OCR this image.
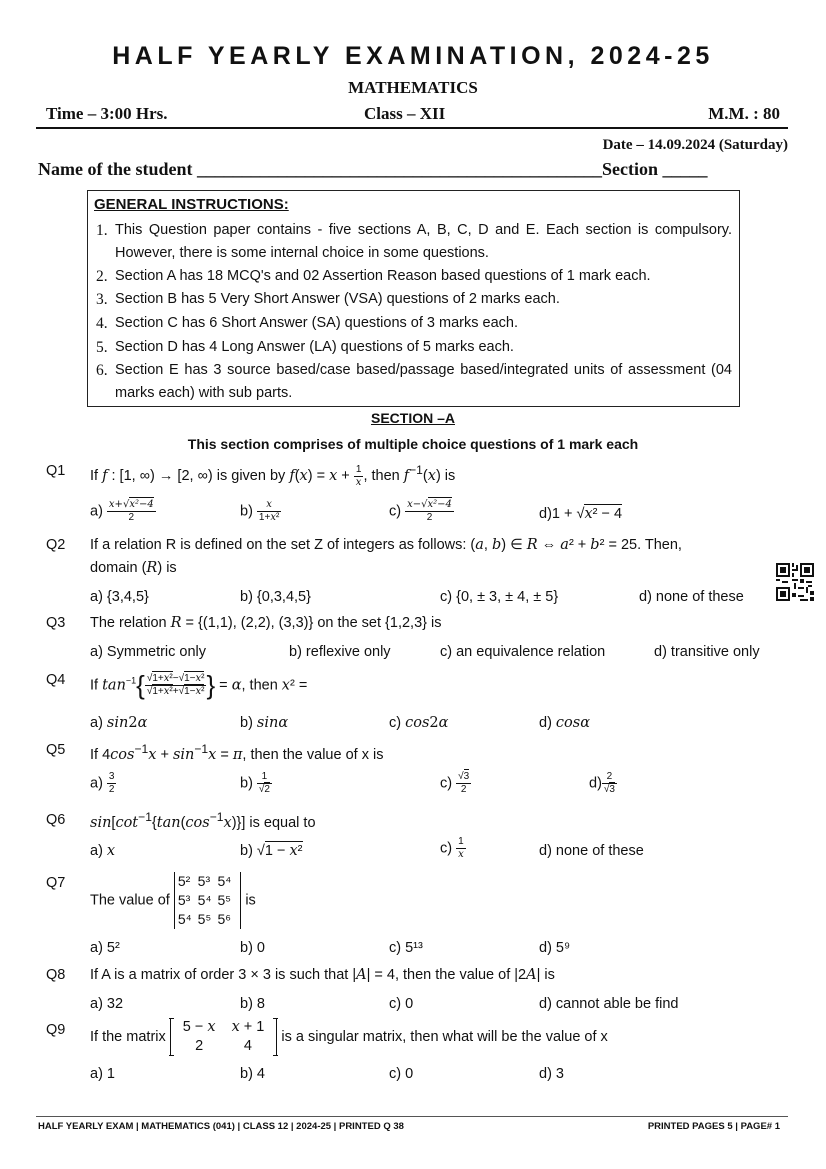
HALF YEARLY EXAMINATION, 2024-25
MATHEMATICS
Time – 3:00 Hrs.	Class – XII	M.M. : 80
Date – 14.09.2024 (Saturday)
Name of the student _____________________________________________Section _____
GENERAL INSTRUCTIONS:
1. This Question paper contains - five sections A, B, C, D and E. Each section is compulsory. However, there is some internal choice in some questions.
2. Section A has 18 MCQ's and 02 Assertion Reason based questions of 1 mark each.
3. Section B has 5 Very Short Answer (VSA) questions of 2 marks each.
4. Section C has 6 Short Answer (SA) questions of 3 marks each.
5. Section D has 4 Long Answer (LA) questions of 5 marks each.
6. Section E has 3 source based/case based/passage based/integrated units of assessment (04 marks each) with sub parts.
SECTION –A
This section comprises of multiple choice questions of 1 mark each
Q1 If f : [1, ∞) → [2, ∞) is given by $f(x) = x + \frac{1}{x}$ , then $f^{-1}(x)$ is
$a) \frac{\text{x+√x²−4}}{2}$	$b) \frac{x}{\text{1+x²}}$	$c) \frac{\text{x−√x²−4}}{2}$	d)1 + √x² − 4
Q2 If a relation R is defined on the set Z of integers as follows: (a, b) ∈ R ⇔ a² + b² = 25. Then,
domain (R) is
a) {3,4,5}	b) {0,3,4,5}	c) {0, ± 3, ± 4, ± 5}	d) none of these
Q3 The relation R = {(1,1), (2,2), (3,3)} on the set {1,2,3} is
a) Symmetric only	b) reflexive only	c) an equivalence relation	d) transitive only
Q4 If $\tan^{-1}\{ \frac{\text{√1+x²−√1−x²}}{\text{√1+x²+√1−x²}}$ } = α, then x² =
a) sin2α	b) sinα	c) cos2α	d) cosα
Q5 If $4\cos^{-1}x + \sin^{-1}x = \pi$, then the value of x is
$a) \frac{3}{2}$	$b) \frac{1}{√2}$	$c) \frac{√3}{2}$	$d) \frac{2}{√3}$
Q6 $\sin[\cot^{-1}\{\tan(\cos^{-1}x)\}]$ is equal to
a) x	b) √1 − x²	$c) \frac{1}{x}$	d) none of these
Q7
The value of
5²	5³	5⁴
5³	5⁴	5⁵
5⁴	5⁵	5⁶
is
a) 5²	b) 0	c) 5¹³	d) 5⁹
Q8 If A is a matrix of order 3 × 3 is such that |A| = 4, then the value of |2A| is
a) 32	b) 8	c) 0	d) cannot able be find
Q9 If the matrix
5 − x	x + 1
2	4
is a singular matrix, then what will be the value of x
a) 1	b) 4	c) 0	d) 3
HALF YEARLY EXAM | MATHEMATICS (041) | CLASS 12 | 2024-25 | PRINTED Q 38	PRINTED PAGES 5 | PAGE# 1
